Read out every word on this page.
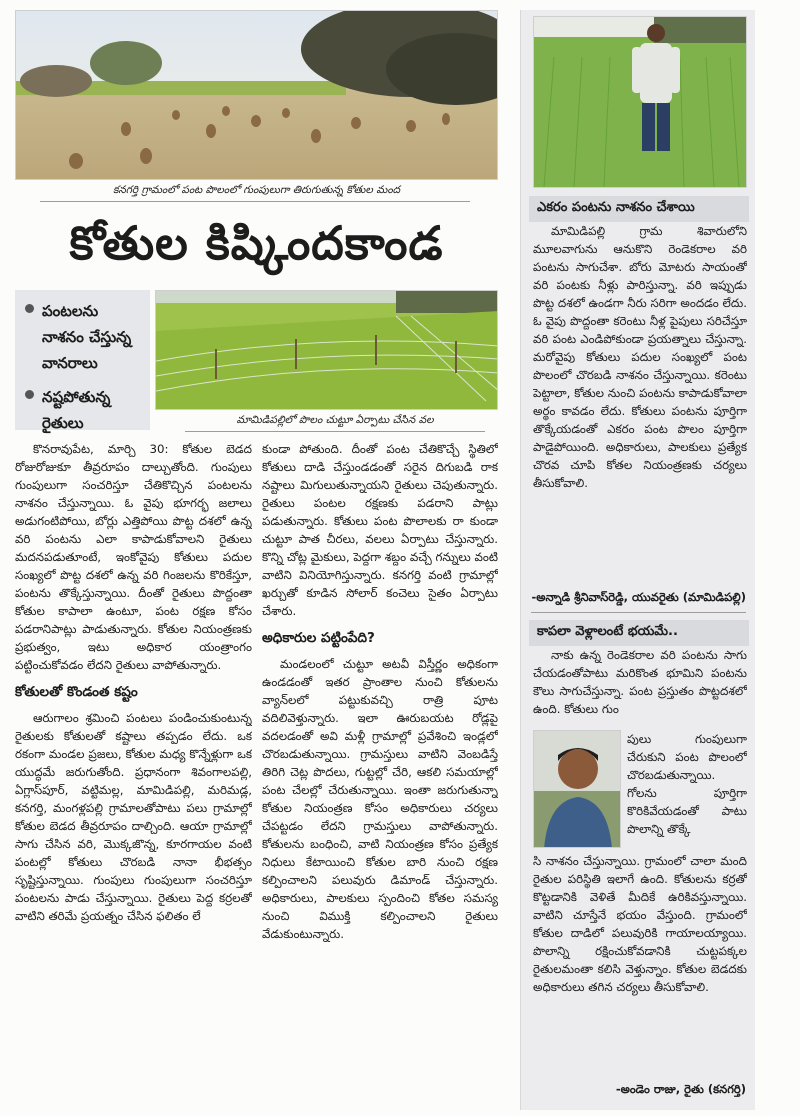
కనగర్తి గ్రామంలో పంట పొలంలో గుంపులుగా తిరుగుతున్న కోతుల మంద
కోతుల కిష్కిందకాండ
పంటలను నాశనం చేస్తున్న వానరాలు
నష్టపోతున్న రైతులు	మామిడిపల్లిలో పొలం చుట్టూ ఏర్పాటు చేసిన వల

కొనరావుపేట, మార్చి 30: కోతుల బెడద రోజురోజుకూ తీవ్రరూపం దాల్చుతోంది. గుంపులు గుంపులుగా సంచరిస్తూ చేతికొచ్చిన పంటలను నాశనం చేస్తున్నాయి. ఓ వైపు భూగర్భ జలాలు అడుగంటిపోయి, బోర్లు ఎత్తిపోయి పొట్ట దశలో ఉన్న వరి పంటను ఎలా కాపాడుకోవాలని రైతులు మదనపడుతూంటే, ఇంకోవైపు కోతులు పదుల సంఖ్యలో పొట్ట దశలో ఉన్న వరి గింజలను కొరికేస్తూ, పంటను తొక్కేస్తున్నాయి. దీంతో రైతులు పొద్దంతా కోతుల కాపాలా ఉంటూ, పంట రక్షణ కోసం పడరానిపాట్లు పాడుతున్నారు. కోతుల నియంత్రణకు ప్రభుత్వం, ఇటు అధికార యంత్రాంగం పట్టించుకోవడం లేదని రైతులు వాపోతున్నారు.

కోతులతో కొండంత కష్టం

ఆరుగాలం శ్రమించి పంటలు పండించుకుంటున్న రైతులకు కోతులతో కష్టాలు తప్పడం లేదు. ఒక రకంగా మండల ప్రజలు, కోతుల మధ్య కొన్నేళ్లుగా ఒక యుద్ధమే జరుగుతోంది. ప్రధానంగా శివంగాలపల్లి, ఏగ్లాస్‌పూర్, వట్టిమల్ల, మామిడిపల్లి, మరిమడ్ల, కనగర్తి, మంగళ్లపల్లి గ్రామాలతోపాటు పలు గ్రామాల్లో కోతుల బెడద తీవ్రరూపం దాల్చింది. ఆయా గ్రామాల్లో సాగు చేసిన వరి, మొక్కజొన్న, కూరగాయల వంటి పంటల్లో కోతులు చొరబడి నానా భీభత్సం సృష్టిస్తున్నాయి. గుంపులు గుంపులుగా సంచరిస్తూ పంటలను పాడు చేస్తున్నాయి. రైతులు పెద్ద కర్రలతో వాటిని తరిమే ప్రయత్నం చేసిన ఫలితం లే

కుండా పోతుంది. దీంతో పంట చేతికొచ్చే స్థితిలో కోతులు దాడి చేస్తుండడంతో సరైన దిగుబడి రాక నష్టాలు మిగులుతున్నాయని రైతులు చెపుతున్నారు. రైతులు పంటల రక్షణకు పడరాని పాట్లు పడుతున్నారు. కోతులు పంట పొలాలకు రా కుండా చుట్టూ పాత చీరలు, వలలు ఏర్పాటు చేస్తున్నారు. కొన్ని చోట్ల మైకులు, పెద్దగా శబ్దం వచ్చే గన్నులు వంటి వాటిని వినియోగిస్తున్నారు. కనగర్తి వంటి గ్రామాల్లో ఖర్చుతో కూడిన సోలార్ కంచెలు సైతం ఏర్పాటు చేశారు.

అధికారుల పట్టింపేది?

మండలంలో చుట్టూ అటవీ విస్తీర్ణం అధికంగా ఉండడంతో ఇతర ప్రాంతాల నుంచి కోతులను వ్యాన్‌లలో పట్టుకువచ్చి రాత్రి పూట వదిలివెళ్తున్నారు. ఇలా ఊరుబయట రోడ్లపై వదలడంతో అవి మళ్లీ గ్రామాల్లో ప్రవేశించి ఇండ్లలో చొరబడుతున్నాయి. గ్రామస్తులు వాటిని వెంబడిస్తే తిరిగి చెట్ల పొదలు, గుట్టల్లో చేరి, ఆకలి సమయాల్లో పంట చేలల్లో చేరుతున్నాయి. ఇంతా జరుగుతున్నా కోతుల నియంత్రణ కోసం అధికారులు చర్యలు చేపట్టడం లేదని గ్రామస్తులు వాపోతున్నారు. కోతులను బంధించి, వాటి నియంత్రణ కోసం ప్రత్యేక నిధులు కేటాయించి కోతుల బారి నుంచి రక్షణ కల్పించాలని పలువురు డిమాండ్ చేస్తున్నారు. అధికారులు, పాలకులు స్పందించి కోతల సమస్య నుంచి విముక్తి కల్పించాలని రైతులు వేడుకుంటున్నారు.

ఎకరం పంటను నాశనం చేశాయి

మామిడిపల్లి గ్రామ శివారులోని మూలవాగును ఆనుకొని రెండెకరాల వరి పంటను సాగుచేశా. బోరు మోటరు సాయంతో వరి పంటకు నీళ్లు పారిస్తున్నా. వరి ఇప్పుడు పొట్ట దశలో ఉండగా నీరు సరిగా అందడం లేదు. ఓ వైపు పొద్దంతా కరెంటు నీళ్ల పైపులు సరిచేస్తూ వరి పంట ఎండిపోకుండా ప్రయత్నాలు చేస్తున్నా. మరోవైపు కోతులు పదుల సంఖ్యలో పంట పొలంలో చొరబడి నాశనం చేస్తున్నాయి. కరెంటు పెట్టాలా, కోతుల నుంచి పంటను కాపాడుకోవాలా అర్థం కావడం లేదు. కోతులు పంటను పూర్తిగా తొక్కేయడంతో ఎకరం పంట పొలం పూర్తిగా పాడైపోయింది. అధికారులు, పాలకులు ప్రత్యేక చొరవ చూపి కోతల నియంత్రణకు చర్యలు తీసుకోవాలి.

-అన్నాడి శ్రీనివాస్‌రెడ్డి, యువరైతు (మామిడిపల్లి)
కాపలా వెళ్లాలంటే భయమే..

నాకు ఉన్న రెండెకరాల వరి పంటను సాగు చేయడంతోపాటు మరికొంత భూమిని పంటను కౌలు సాగుచేస్తున్నా. పంట ప్రస్తుతం పొట్టదశలో ఉంది. కోతులు గుం

పులు గుంపులుగా చేరుకుని పంట పొలంలో చొరబడుతున్నాయి. గోలను పూర్తిగా కొరికివేయడంతో పాటు పొలాన్ని తొక్కే

సి నాశనం చేస్తున్నాయి. గ్రామంలో చాలా మంది రైతుల పరిస్థితి ఇలాగే ఉంది. కోతులను కర్రతో కొట్టడానికి వెళితే మీదికే ఉరికివస్తున్నాయి. వాటిని చూస్తేనే భయం వేస్తుంది. గ్రామంలో కోతుల దాడిలో పలువురికి గాయాలయ్యాయి. పొలాన్ని రక్షించుకోవడానికి చుట్టపక్కల రైతులమంతా కలిసి వెళ్తున్నాం. కోతుల బెడదకు అధికారులు తగిన చర్యలు తీసుకోవాలి.

-అండెం రాజు, రైతు (కనగర్తి)
